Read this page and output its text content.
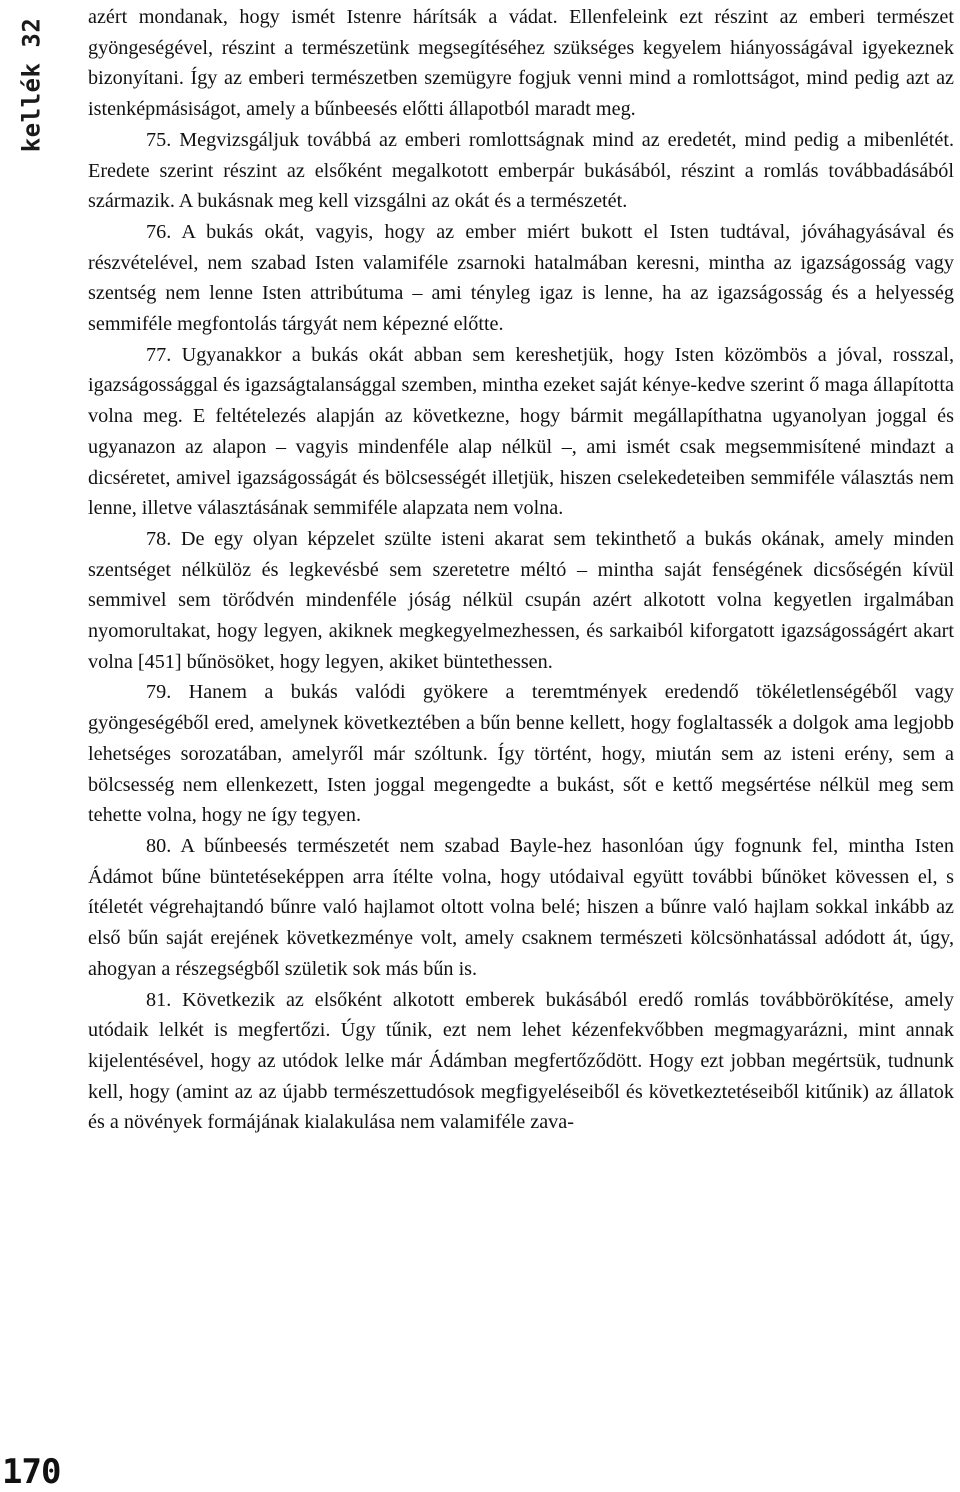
kellék 32

azért mondanak, hogy ismét Istenre hárítsák a vádat. Ellenfeleink ezt részint az emberi természet gyöngeségével, részint a természetünk megsegítéséhez szükséges kegyelem hiányosságával igyekeznek bizonyítani. Így az emberi természetben szemügyre fogjuk venni mind a romlottságot, mind pedig azt az istenképmásiságot, amely a bűnbeesés előtti állapotból maradt meg.

75. Megvizsgáljuk továbbá az emberi romlottságnak mind az eredetét, mind pedig a mibenlétét. Eredete szerint részint az elsőként megalkotott emberpár bukásából, részint a romlás továbbadásából származik. A bukásnak meg kell vizsgálni az okát és a természetét.

76. A bukás okát, vagyis, hogy az ember miért bukott el Isten tudtával, jóváhagyásával és részvételével, nem szabad Isten valamiféle zsarnoki hatalmában keresni, mintha az igazságosság vagy szentség nem lenne Isten attribútuma – ami tényleg igaz is lenne, ha az igazságosság és a helyesség semmiféle megfontolás tárgyát nem képezné előtte.

77. Ugyanakkor a bukás okát abban sem kereshetjük, hogy Isten közömbös a jóval, rosszal, igazságossággal és igazságtalansággal szemben, mintha ezeket saját kénye-kedve szerint ő maga állapította volna meg. E feltételezés alapján az következne, hogy bármit megállapíthatna ugyanolyan joggal és ugyanazon az alapon – vagyis mindenféle alap nélkül –, ami ismét csak megsemmisítené mindazt a dicséretet, amivel igazságosságát és bölcsességét illetjük, hiszen cselekedeteiben semmiféle választás nem lenne, illetve választásának semmiféle alapzata nem volna.

78. De egy olyan képzelet szülte isteni akarat sem tekinthető a bukás okának, amely minden szentséget nélkülöz és legkevésbé sem szeretetre méltó – mintha saját fenségének dicsőségén kívül semmivel sem törődvén mindenféle jóság nélkül csupán azért alkotott volna kegyetlen irgalmában nyomorultakat, hogy legyen, akiknek megkegyelmezhessen, és sarkaiból kiforgatott igazságosságért akart volna [451] bűnösöket, hogy legyen, akiket büntethessen.

79. Hanem a bukás valódi gyökere a teremtmények eredendő tökéletlenségéből vagy gyöngeségéből ered, amelynek következtében a bűn benne kellett, hogy foglaltassék a dolgok ama legjobb lehetséges sorozatában, amelyről már szóltunk. Így történt, hogy, miután sem az isteni erény, sem a bölcsesség nem ellenkezett, Isten joggal megengedte a bukást, sőt e kettő megsértése nélkül meg sem tehette volna, hogy ne így tegyen.

80. A bűnbeesés természetét nem szabad Bayle-hez hasonlóan úgy fognunk fel, mintha Isten Ádámot bűne büntetéseképpen arra ítélte volna, hogy utódaival együtt további bűnöket kövessen el, s ítéletét végrehajtandó bűnre való hajlamot oltott volna belé; hiszen a bűnre való hajlam sokkal inkább az első bűn saját erejének következménye volt, amely csaknem természeti kölcsönhatással adódott át, úgy, ahogyan a részegségből születik sok más bűn is.

81. Következik az elsőként alkotott emberek bukásából eredő romlás továbbörökítése, amely utódaik lelkét is megfertőzi. Úgy tűnik, ezt nem lehet kézenfekvőbben megmagyarázni, mint annak kijelentésével, hogy az utódok lelke már Ádámban megfertőződött. Hogy ezt jobban megértsük, tudnunk kell, hogy (amint az az újabb természettudósok megfigyeléseiből és következtetéseiből kitűnik) az állatok és a növények formájának kialakulása nem valamiféle zava-

170
